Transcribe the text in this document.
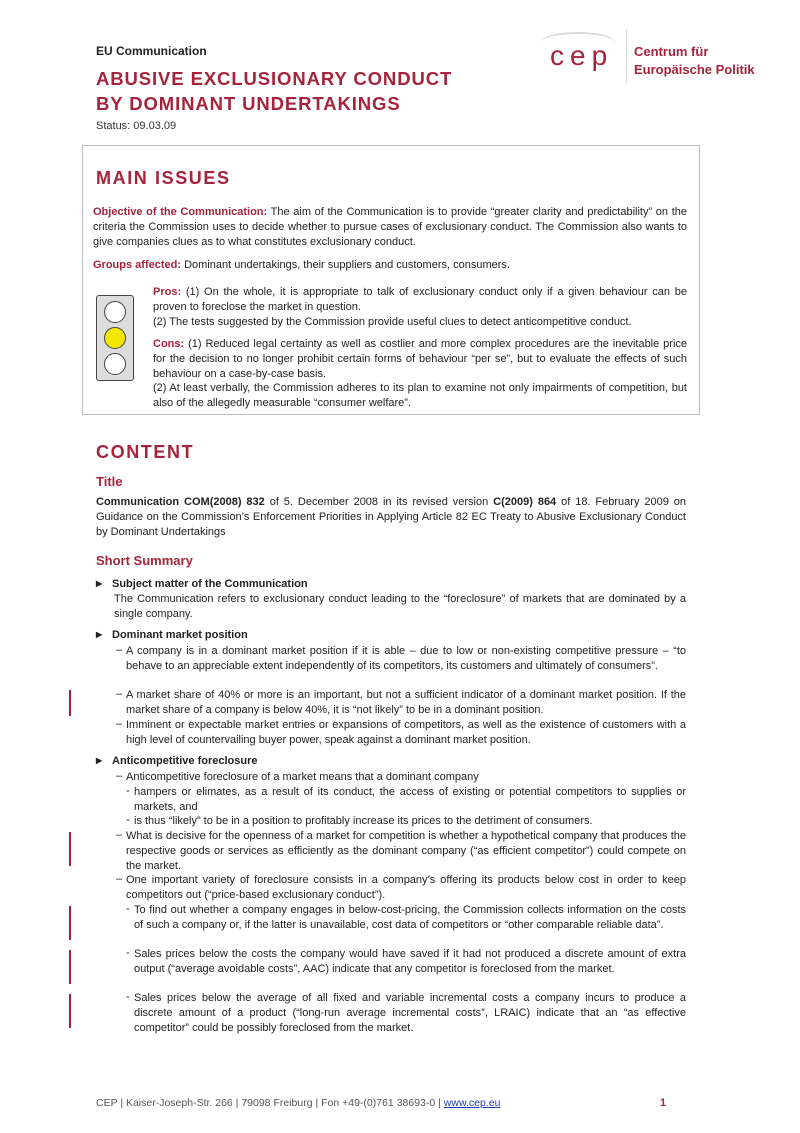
EU Communication
ABUSIVE EXCLUSIONARY CONDUCT
BY DOMINANT UNDERTAKINGS
Status: 09.03.09
cep Centrum für
Europäische Politik
MAIN ISSUES
Objective of the Communication: The aim of the Communication is to provide “greater clarity and predictability” on the criteria the Commission uses to decide whether to pursue cases of exclusionary conduct. The Commission also wants to give companies clues as to what constitutes exclusionary conduct.
Groups affected: Dominant undertakings, their suppliers and customers, consumers.
Pros: (1) On the whole, it is appropriate to talk of exclusionary conduct only if a given behaviour can be proven to foreclose the market in question.
(2) The tests suggested by the Commission provide useful clues to detect anticompetitive conduct.
Cons: (1) Reduced legal certainty as well as costlier and more complex procedures are the inevitable price for the decision to no longer prohibit certain forms of behaviour “per se”, but to evaluate the effects of such behaviour on a case-by-case basis.
(2) At least verbally, the Commission adheres to its plan to examine not only impairments of competition, but also of the allegedly measurable “consumer welfare”.
CONTENT
Title
Communication COM(2008) 832 of 5. December 2008 in its revised version C(2009) 864 of 18. February 2009 on Guidance on the Commission’s Enforcement Priorities in Applying Article 82 EC Treaty to Abusive Exclusionary Conduct by Dominant Undertakings
Short Summary
▶ Subject matter of the Communication
The Communication refers to exclusionary conduct leading to the “foreclosure” of markets that are dominated by a single company.
▶ Dominant market position
– A company is in a dominant market position if it is able – due to low or non-existing competitive pressure – “to behave to an appreciable extent independently of its competitors, its customers and ultimately of consumers”.
– A market share of 40% or more is an important, but not a sufficient indicator of a dominant market position. If the market share of a company is below 40%, it is “not likely” to be in a dominant position.
– Imminent or expectable market entries or expansions of competitors, as well as the existence of customers with a high level of countervailing buyer power, speak against a dominant market position.
▶ Anticompetitive foreclosure
– Anticompetitive foreclosure of a market means that a dominant company
- hampers or elimates, as a result of its conduct, the access of existing or potential competitors to supplies or markets, and
- is thus “likely” to be in a position to profitably increase its prices to the detriment of consumers.
– What is decisive for the openness of a market for competition is whether a hypothetical company that produces the respective goods or services as efficiently as the dominant company (“as efficient competitor”) could compete on the market.
– One important variety of foreclosure consists in a company’s offering its products below cost in order to keep competitors out (“price-based exclusionary conduct”).
- To find out whether a company engages in below-cost-pricing, the Commission collects information on the costs of such a company or, if the latter is unavailable, cost data of competitors or “other comparable reliable data”.
- Sales prices below the costs the company would have saved if it had not produced a discrete amount of extra output (“average avoidable costs”, AAC) indicate that any competitor is foreclosed from the market.
- Sales prices below the average of all fixed and variable incremental costs a company incurs to produce a discrete amount of a product (“long-run average incremental costs”, LRAIC) indicate that an “as effective competitor” could be possibly foreclosed from the market.
CEP | Kaiser-Joseph-Str. 266 | 79098 Freiburg | Fon +49-(0)761 38693-0 | www.cep.eu	1
